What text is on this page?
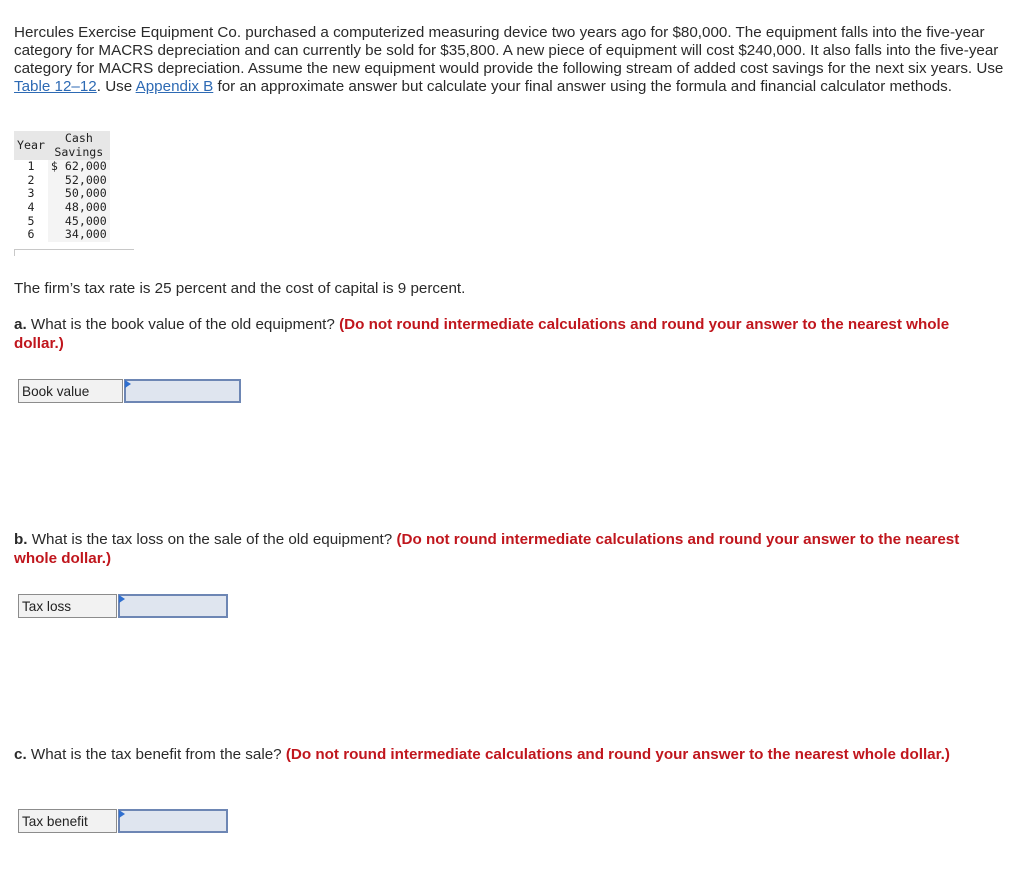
Hercules Exercise Equipment Co. purchased a computerized measuring device two years ago for $80,000. The equipment falls into the five-year category for MACRS depreciation and can currently be sold for $35,800. A new piece of equipment will cost $240,000. It also falls into the five-year category for MACRS depreciation. Assume the new equipment would provide the following stream of added cost savings for the next six years. Use Table 12–12. Use Appendix B for an approximate answer but calculate your final answer using the formula and financial calculator methods.
Year	Cash
Savings
1	$ 62,000
2	52,000
3	50,000
4	48,000
5	45,000
6	34,000
The firm’s tax rate is 25 percent and the cost of capital is 9 percent.
a. What is the book value of the old equipment? (Do not round intermediate calculations and round your answer to the nearest whole dollar.)
Book value
b. What is the tax loss on the sale of the old equipment? (Do not round intermediate calculations and round your answer to the nearest whole dollar.)
Tax loss
c. What is the tax benefit from the sale? (Do not round intermediate calculations and round your answer to the nearest whole dollar.)
Tax benefit
